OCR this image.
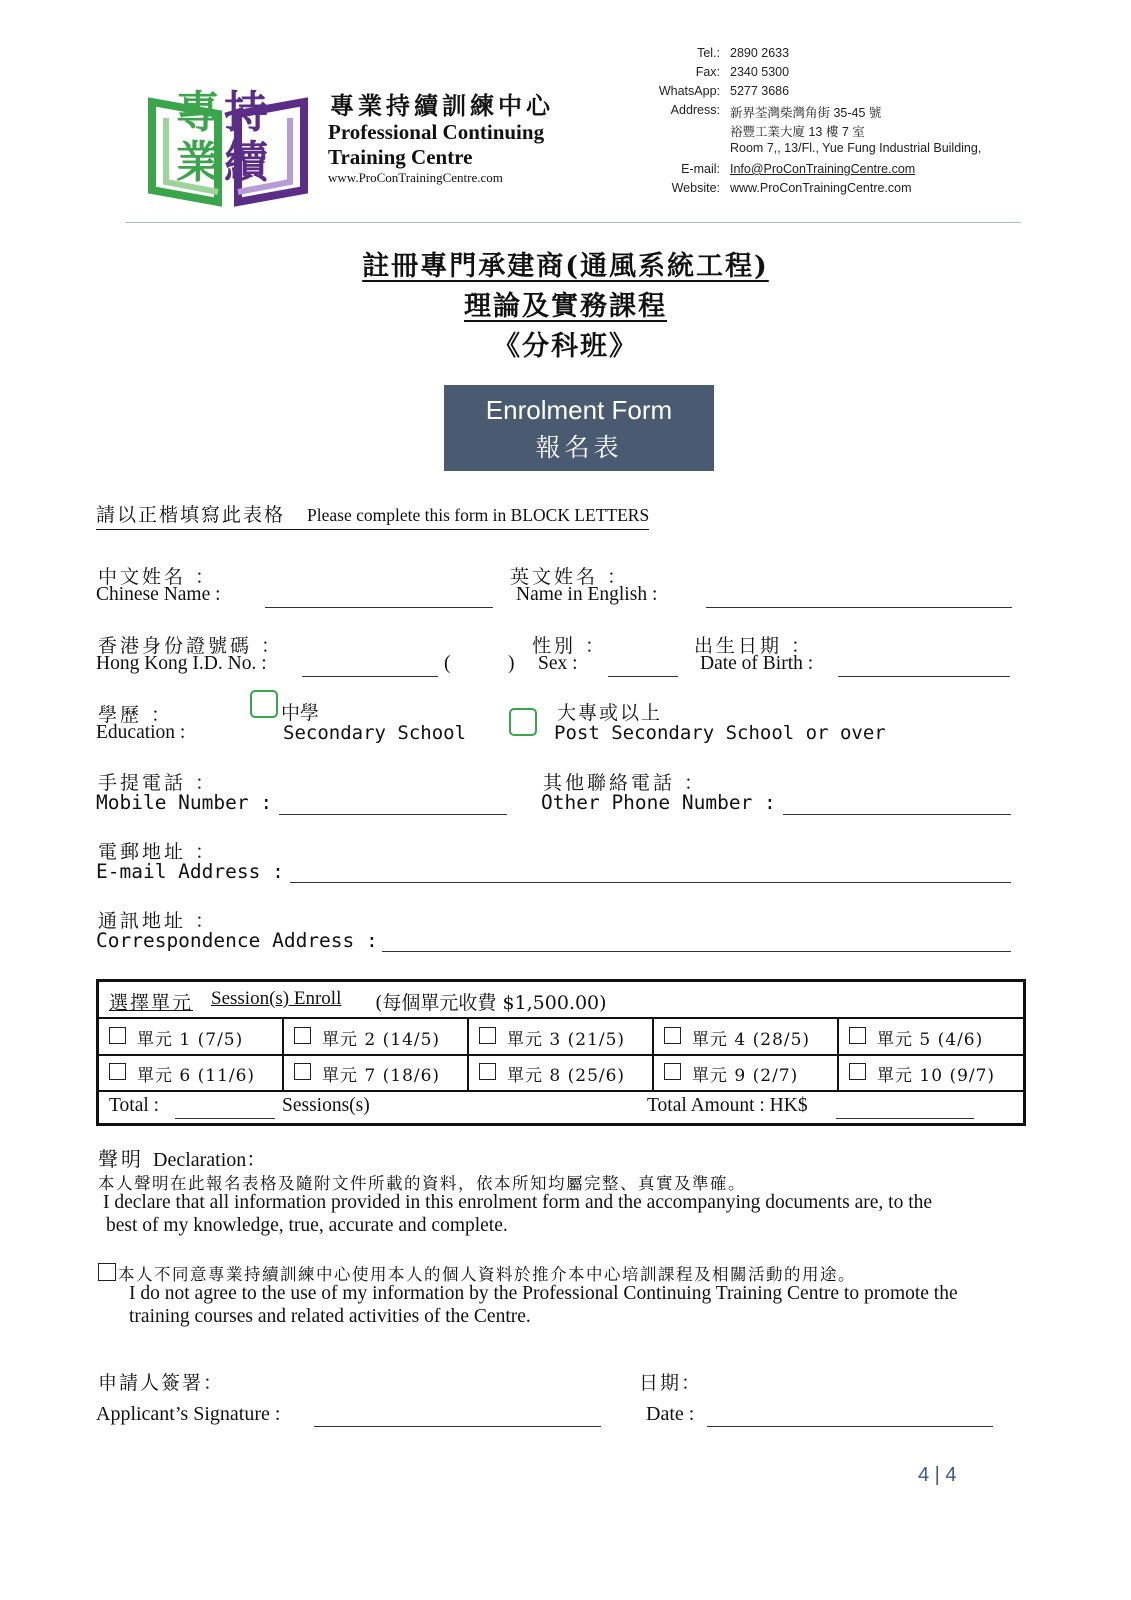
專 持
業 續
專業持續訓練中心
Professional Continuing
Training Centre
www.ProConTrainingCentre.com
Tel.: 2890 2633
Fax: 2340 5300
WhatsApp: 5277 3686
Address: 新界荃灣柴灣角街 35-45 號
裕豐工業大廈 13 樓 7 室
Room 7,, 13/Fl., Yue Fung Industrial Building,
E-mail: Info@ProConTrainingCentre.com
Website: www.ProConTrainingCentre.com
註冊專門承建商(通風系統工程)
理論及實務課程
《分科班》
Enrolment Form
報名表
請以正楷填寫此表格 Please complete this form in BLOCK LETTERS
中文姓名 ：
Chinese Name :
英文姓名 ：
Name in English :
香港身份證號碼 ：
Hong Kong I.D. No. :	(	)
性別 ：
Sex :
出生日期 ：
Date of Birth :
學歷 ：
Education :
中學
Secondary School
大專或以上
Post Secondary School or over
手提電話 ：
Mobile Number :
其他聯絡電話 ：
Other Phone Number :
電郵地址 ：
E-mail Address :
通訊地址 ：
Correspondence Address :
選擇單元 Session(s) Enroll (每個單元收費 $1,500.00)
單元 1 (7/5)	單元 2 (14/5)	單元 3 (21/5)	單元 4 (28/5)	單元 5 (4/6)
單元 6 (11/6)	單元 7 (18/6)	單元 8 (25/6)	單元 9 (2/7)	單元 10 (9/7)
Total :	Sessions(s)	Total Amount : HK$
聲明 Declaration：
本人聲明在此報名表格及隨附文件所載的資料，依本所知均屬完整、真實及準確。
I declare that all information provided in this enrolment form and the accompanying documents are, to the
best of my knowledge, true, accurate and complete.
本人不同意專業持續訓練中心使用本人的個人資料於推介本中心培訓課程及相關活動的用途。
I do not agree to the use of my information by the Professional Continuing Training Centre to promote the
training courses and related activities of the Centre.
申請人簽署：
Applicant’s Signature :
日期：
Date :
4 | 4
